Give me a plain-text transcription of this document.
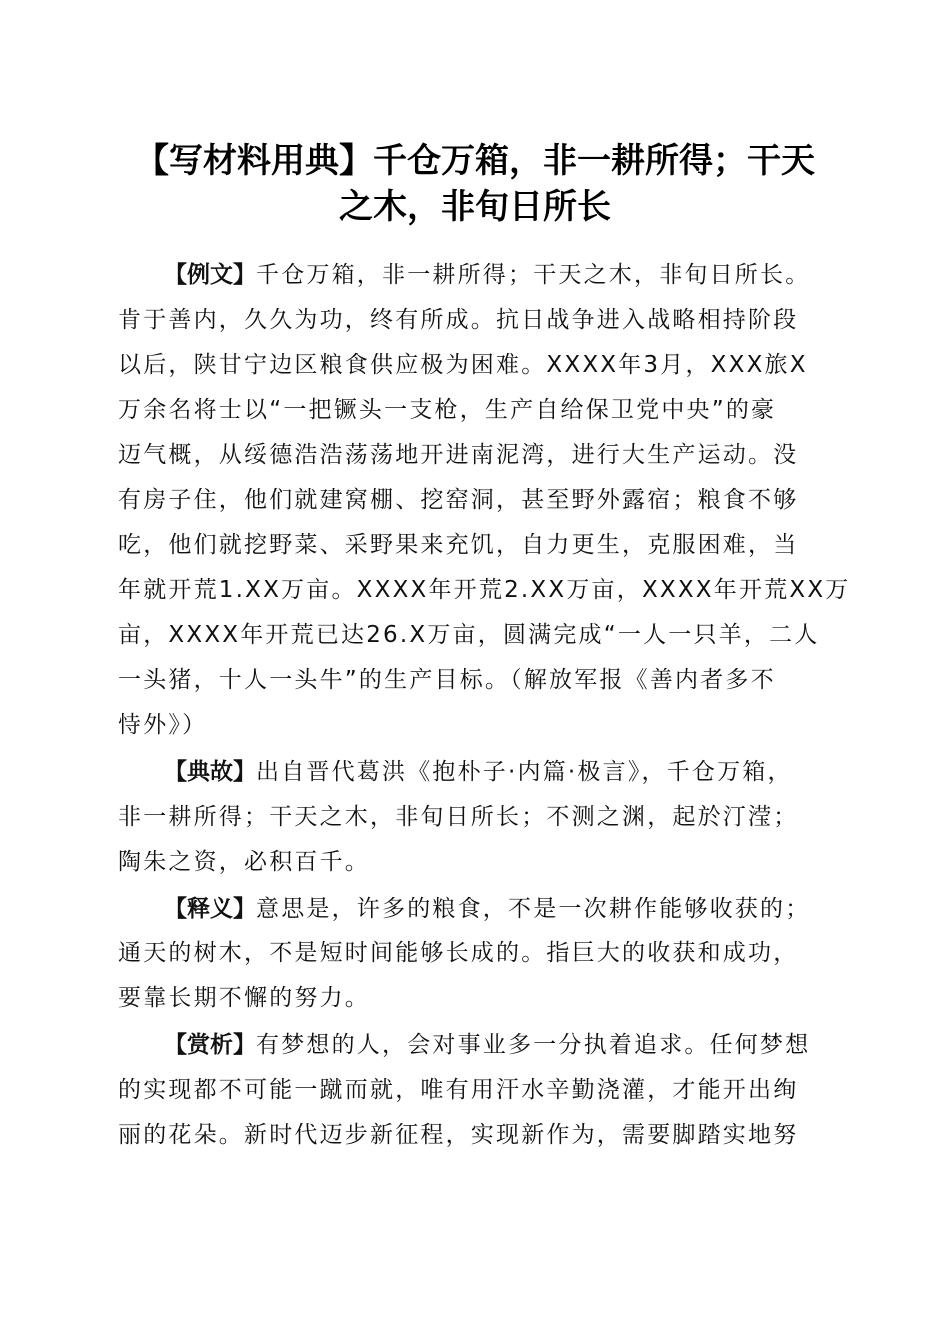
【写材料用典】千仓万箱，非一耕所得；干天
之木，非旬日所长
【例文】千仓万箱，非一耕所得；干天之木，非旬日所长。
肯于善内，久久为功，终有所成。抗日战争进入战略相持阶段
以后，陕甘宁边区粮食供应极为困难。XXXX年3月，XXX旅X
万余名将士以“一把镢头一支枪，生产自给保卫党中央”的豪
迈气概，从绥德浩浩荡荡地开进南泥湾，进行大生产运动。没
有房子住，他们就建窝棚、挖窑洞，甚至野外露宿；粮食不够
吃，他们就挖野菜、采野果来充饥，自力更生，克服困难，当
年就开荒1.XX万亩。XXXX年开荒2.XX万亩，XXXX年开荒XX万
亩，XXXX年开荒已达26.X万亩，圆满完成“一人一只羊，二人
一头猪，十人一头牛”的生产目标。（解放军报《善内者多不
恃外》）
【典故】出自晋代葛洪《抱朴子·内篇·极言》，千仓万箱，
非一耕所得；干天之木，非旬日所长；不测之渊，起於汀滢；
陶朱之资，必积百千。
【释义】意思是，许多的粮食，不是一次耕作能够收获的；
通天的树木，不是短时间能够长成的。指巨大的收获和成功，
要靠长期不懈的努力。
【赏析】有梦想的人，会对事业多一分执着追求。任何梦想
的实现都不可能一蹴而就，唯有用汗水辛勤浇灌，才能开出绚
丽的花朵。新时代迈步新征程，实现新作为，需要脚踏实地努
